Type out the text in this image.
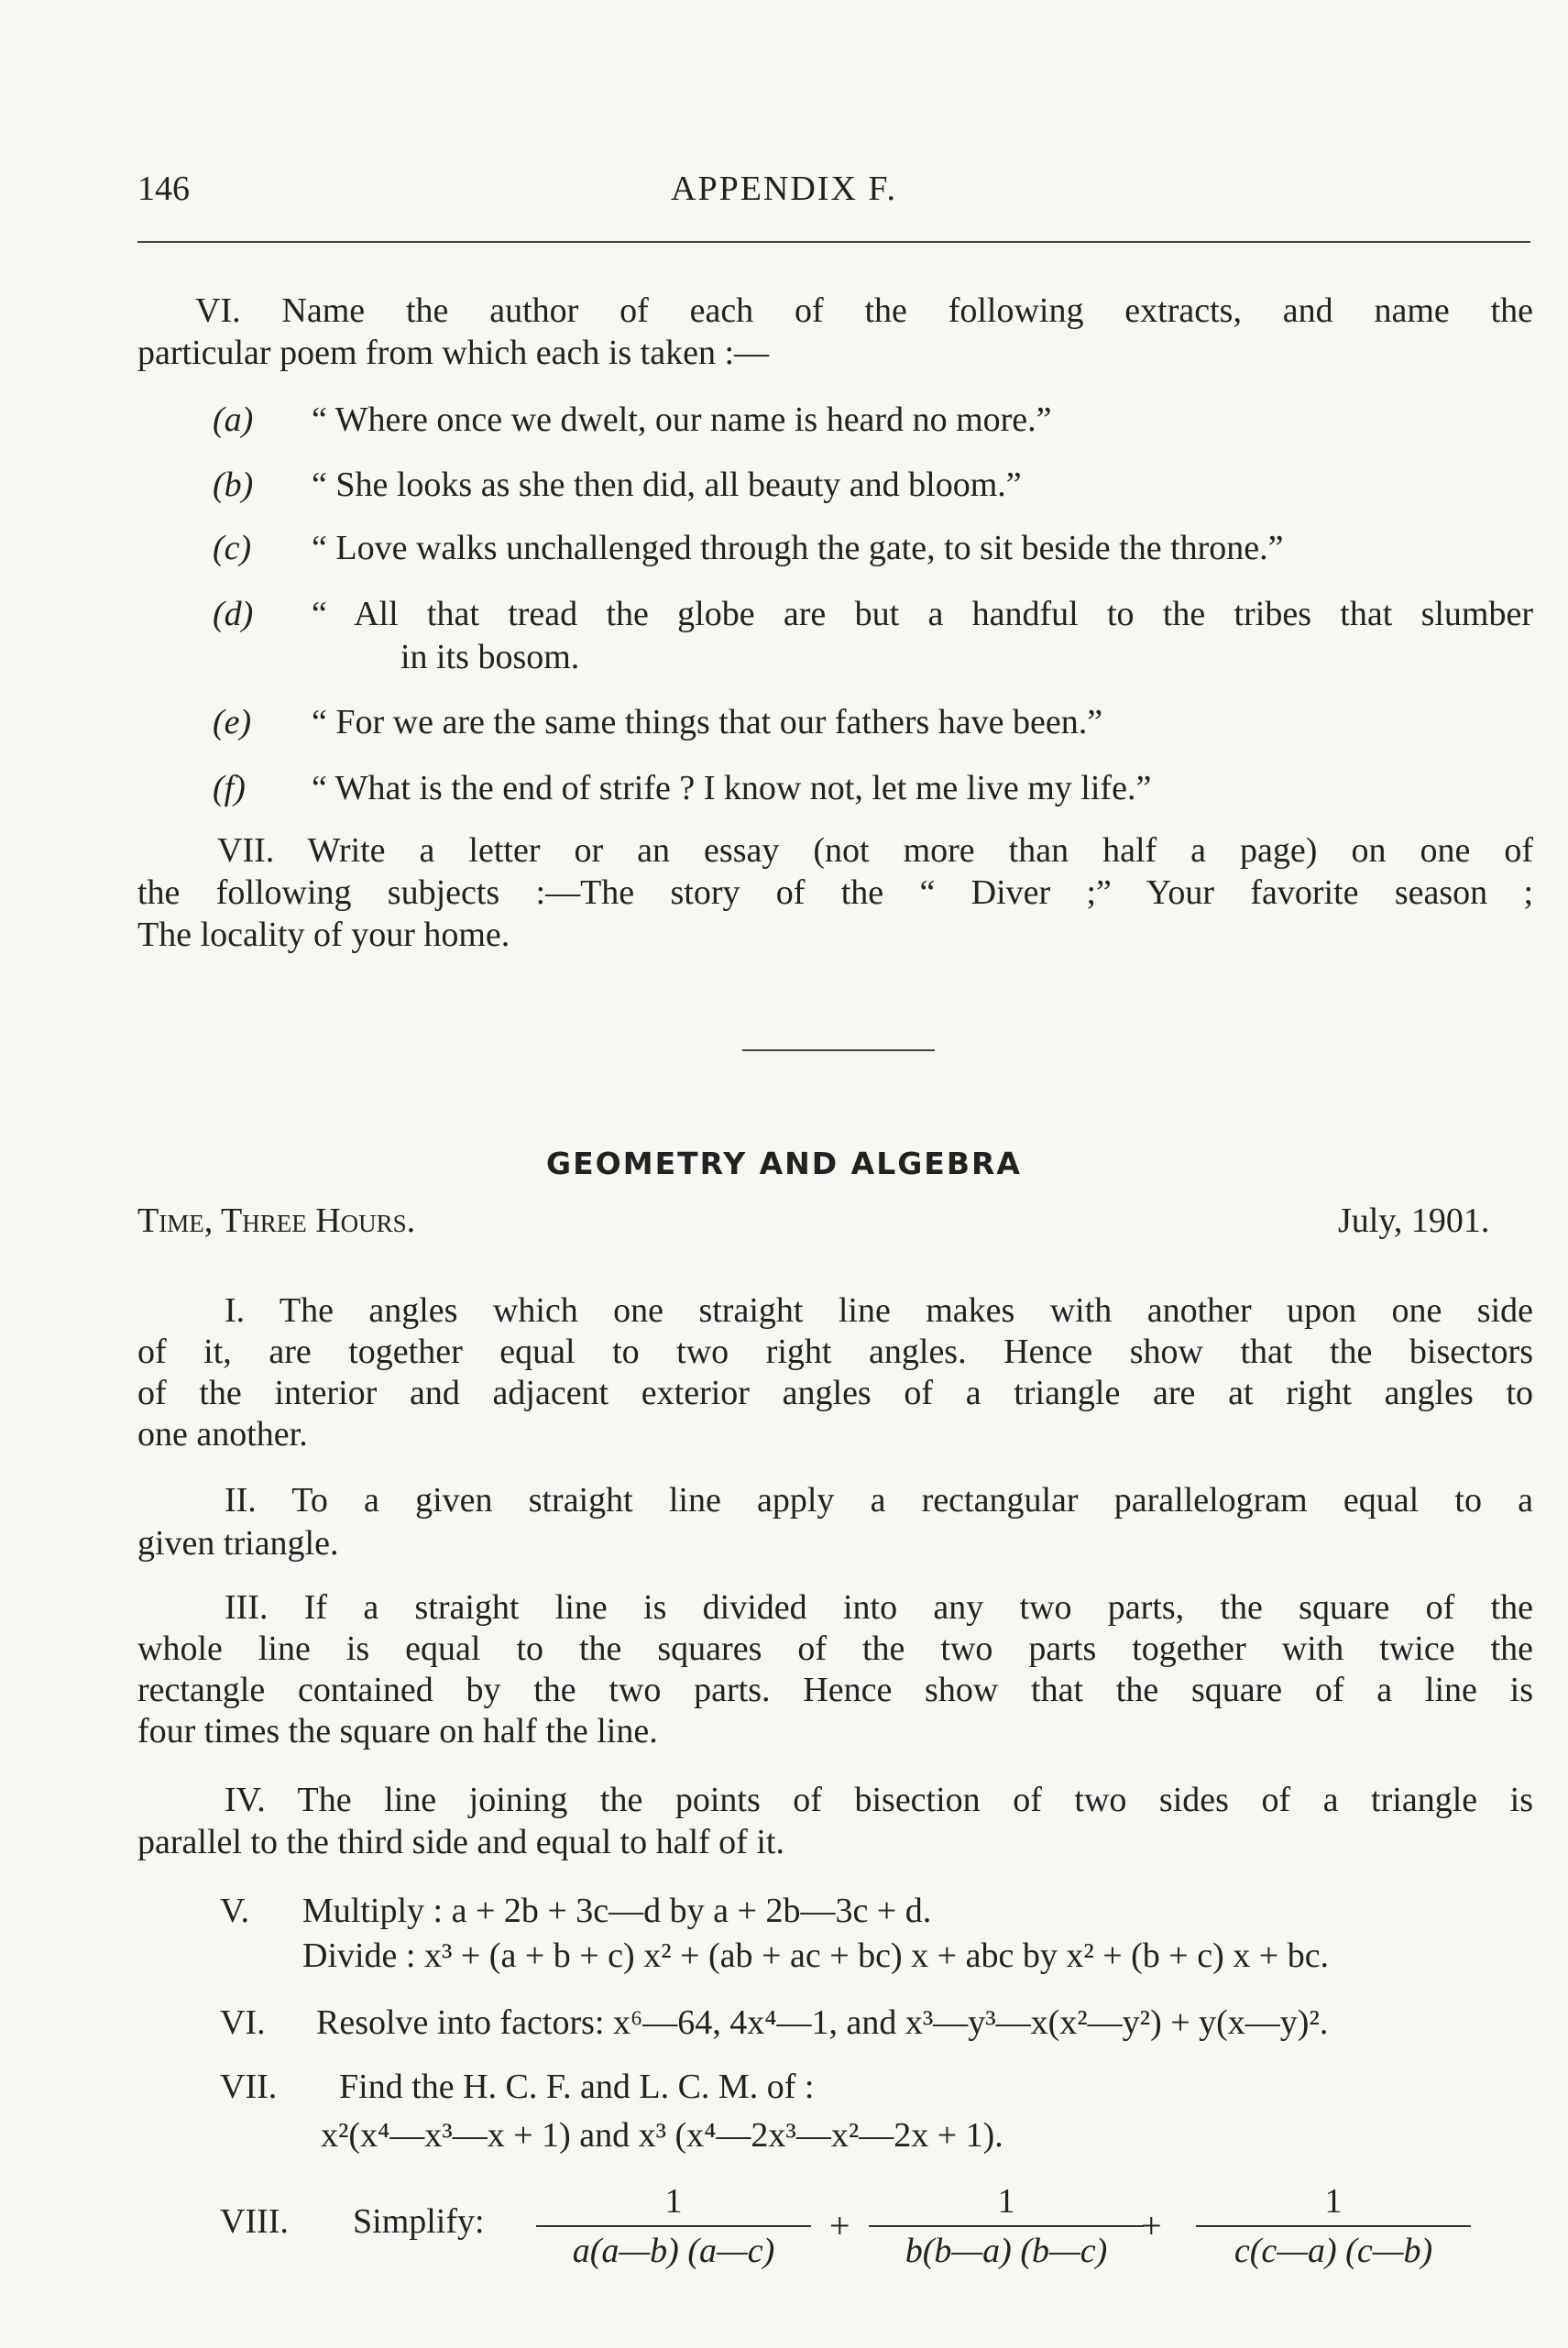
146	APPENDIX F.
VI. Name the author of each of the following extracts, and name the
particular poem from which each is taken :—
(a) “ Where once we dwelt, our name is heard no more.”
(b) “ She looks as she then did, all beauty and bloom.”
(c) “ Love walks unchallenged through the gate, to sit beside the throne.”
(d) “ All that tread the globe are but a handful to the tribes that slumber
in its bosom.
(e) “ For we are the same things that our fathers have been.”
(f) “ What is the end of strife ? I know not, let me live my life.”
VII. Write a letter or an essay (not more than half a page) on one of
the following subjects :—The story of the “ Diver ;” Your favorite season ;
The locality of your home.
GEOMETRY AND ALGEBRA
Time, Three Hours.	July, 1901.
I. The angles which one straight line makes with another upon one side
of it, are together equal to two right angles. Hence show that the bisectors
of the interior and adjacent exterior angles of a triangle are at right angles to
one another.
II. To a given straight line apply a rectangular parallelogram equal to a
given triangle.
III. If a straight line is divided into any two parts, the square of the
whole line is equal to the squares of the two parts together with twice the
rectangle contained by the two parts. Hence show that the square of a line is
four times the square on half the line.
IV. The line joining the points of bisection of two sides of a triangle is
parallel to the third side and equal to half of it.
V. Multiply : a + 2b + 3c—d by a + 2b—3c + d.
Divide : x³ + (a + b + c) x² + (ab + ac + bc) x + abc by x² + (b + c) x + bc.
VI. Resolve into factors: x⁶—64, 4x⁴—1, and x³—y³—x(x²—y²) + y(x—y)².
VII. Find the H. C. F. and L. C. M. of :
x²(x⁴—x³—x + 1) and x³ (x⁴—2x³—x²—2x + 1).
VIII. Simplify:
1
a(a—b) (a—c)
+
1
b(b—a) (b—c)
+
1
c(c—a) (c—b)
